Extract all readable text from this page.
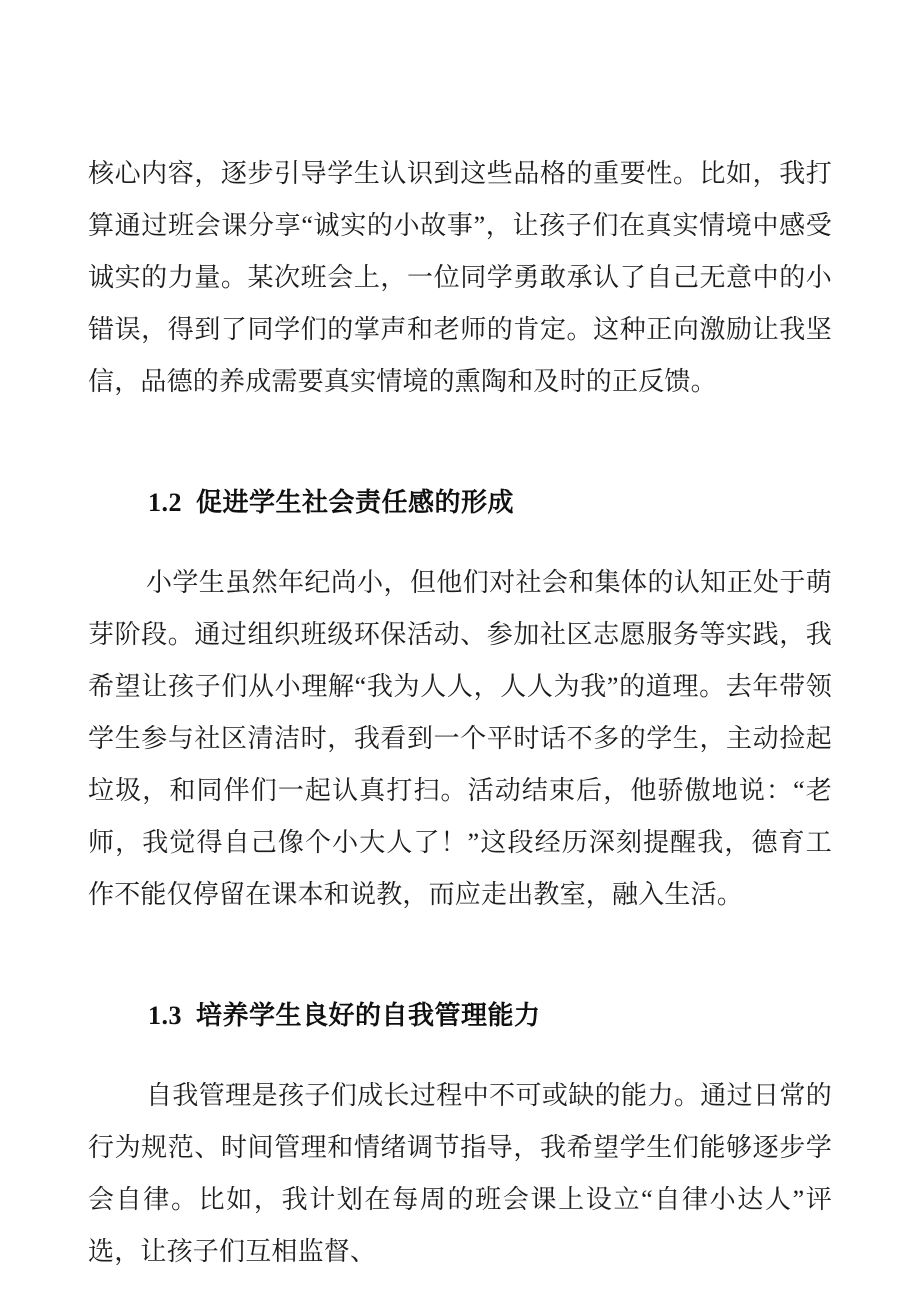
核心内容，逐步引导学生认识到这些品格的重要性。比如，我打算通过班会课分享“诚实的小故事”，让孩子们在真实情境中感受诚实的力量。某次班会上，一位同学勇敢承认了自己无意中的小错误，得到了同学们的掌声和老师的肯定。这种正向激励让我坚信，品德的养成需要真实情境的熏陶和及时的正反馈。

1.2 促进学生社会责任感的形成

小学生虽然年纪尚小，但他们对社会和集体的认知正处于萌芽阶段。通过组织班级环保活动、参加社区志愿服务等实践，我希望让孩子们从小理解“我为人人，人人为我”的道理。去年带领学生参与社区清洁时，我看到一个平时话不多的学生，主动捡起垃圾，和同伴们一起认真打扫。活动结束后，他骄傲地说：“老师，我觉得自己像个小大人了！”这段经历深刻提醒我，德育工作不能仅停留在课本和说教，而应走出教室，融入生活。

1.3 培养学生良好的自我管理能力

自我管理是孩子们成长过程中不可或缺的能力。通过日常的行为规范、时间管理和情绪调节指导，我希望学生们能够逐步学会自律。比如，我计划在每周的班会课上设立“自律小达人”评选，让孩子们互相监督、
